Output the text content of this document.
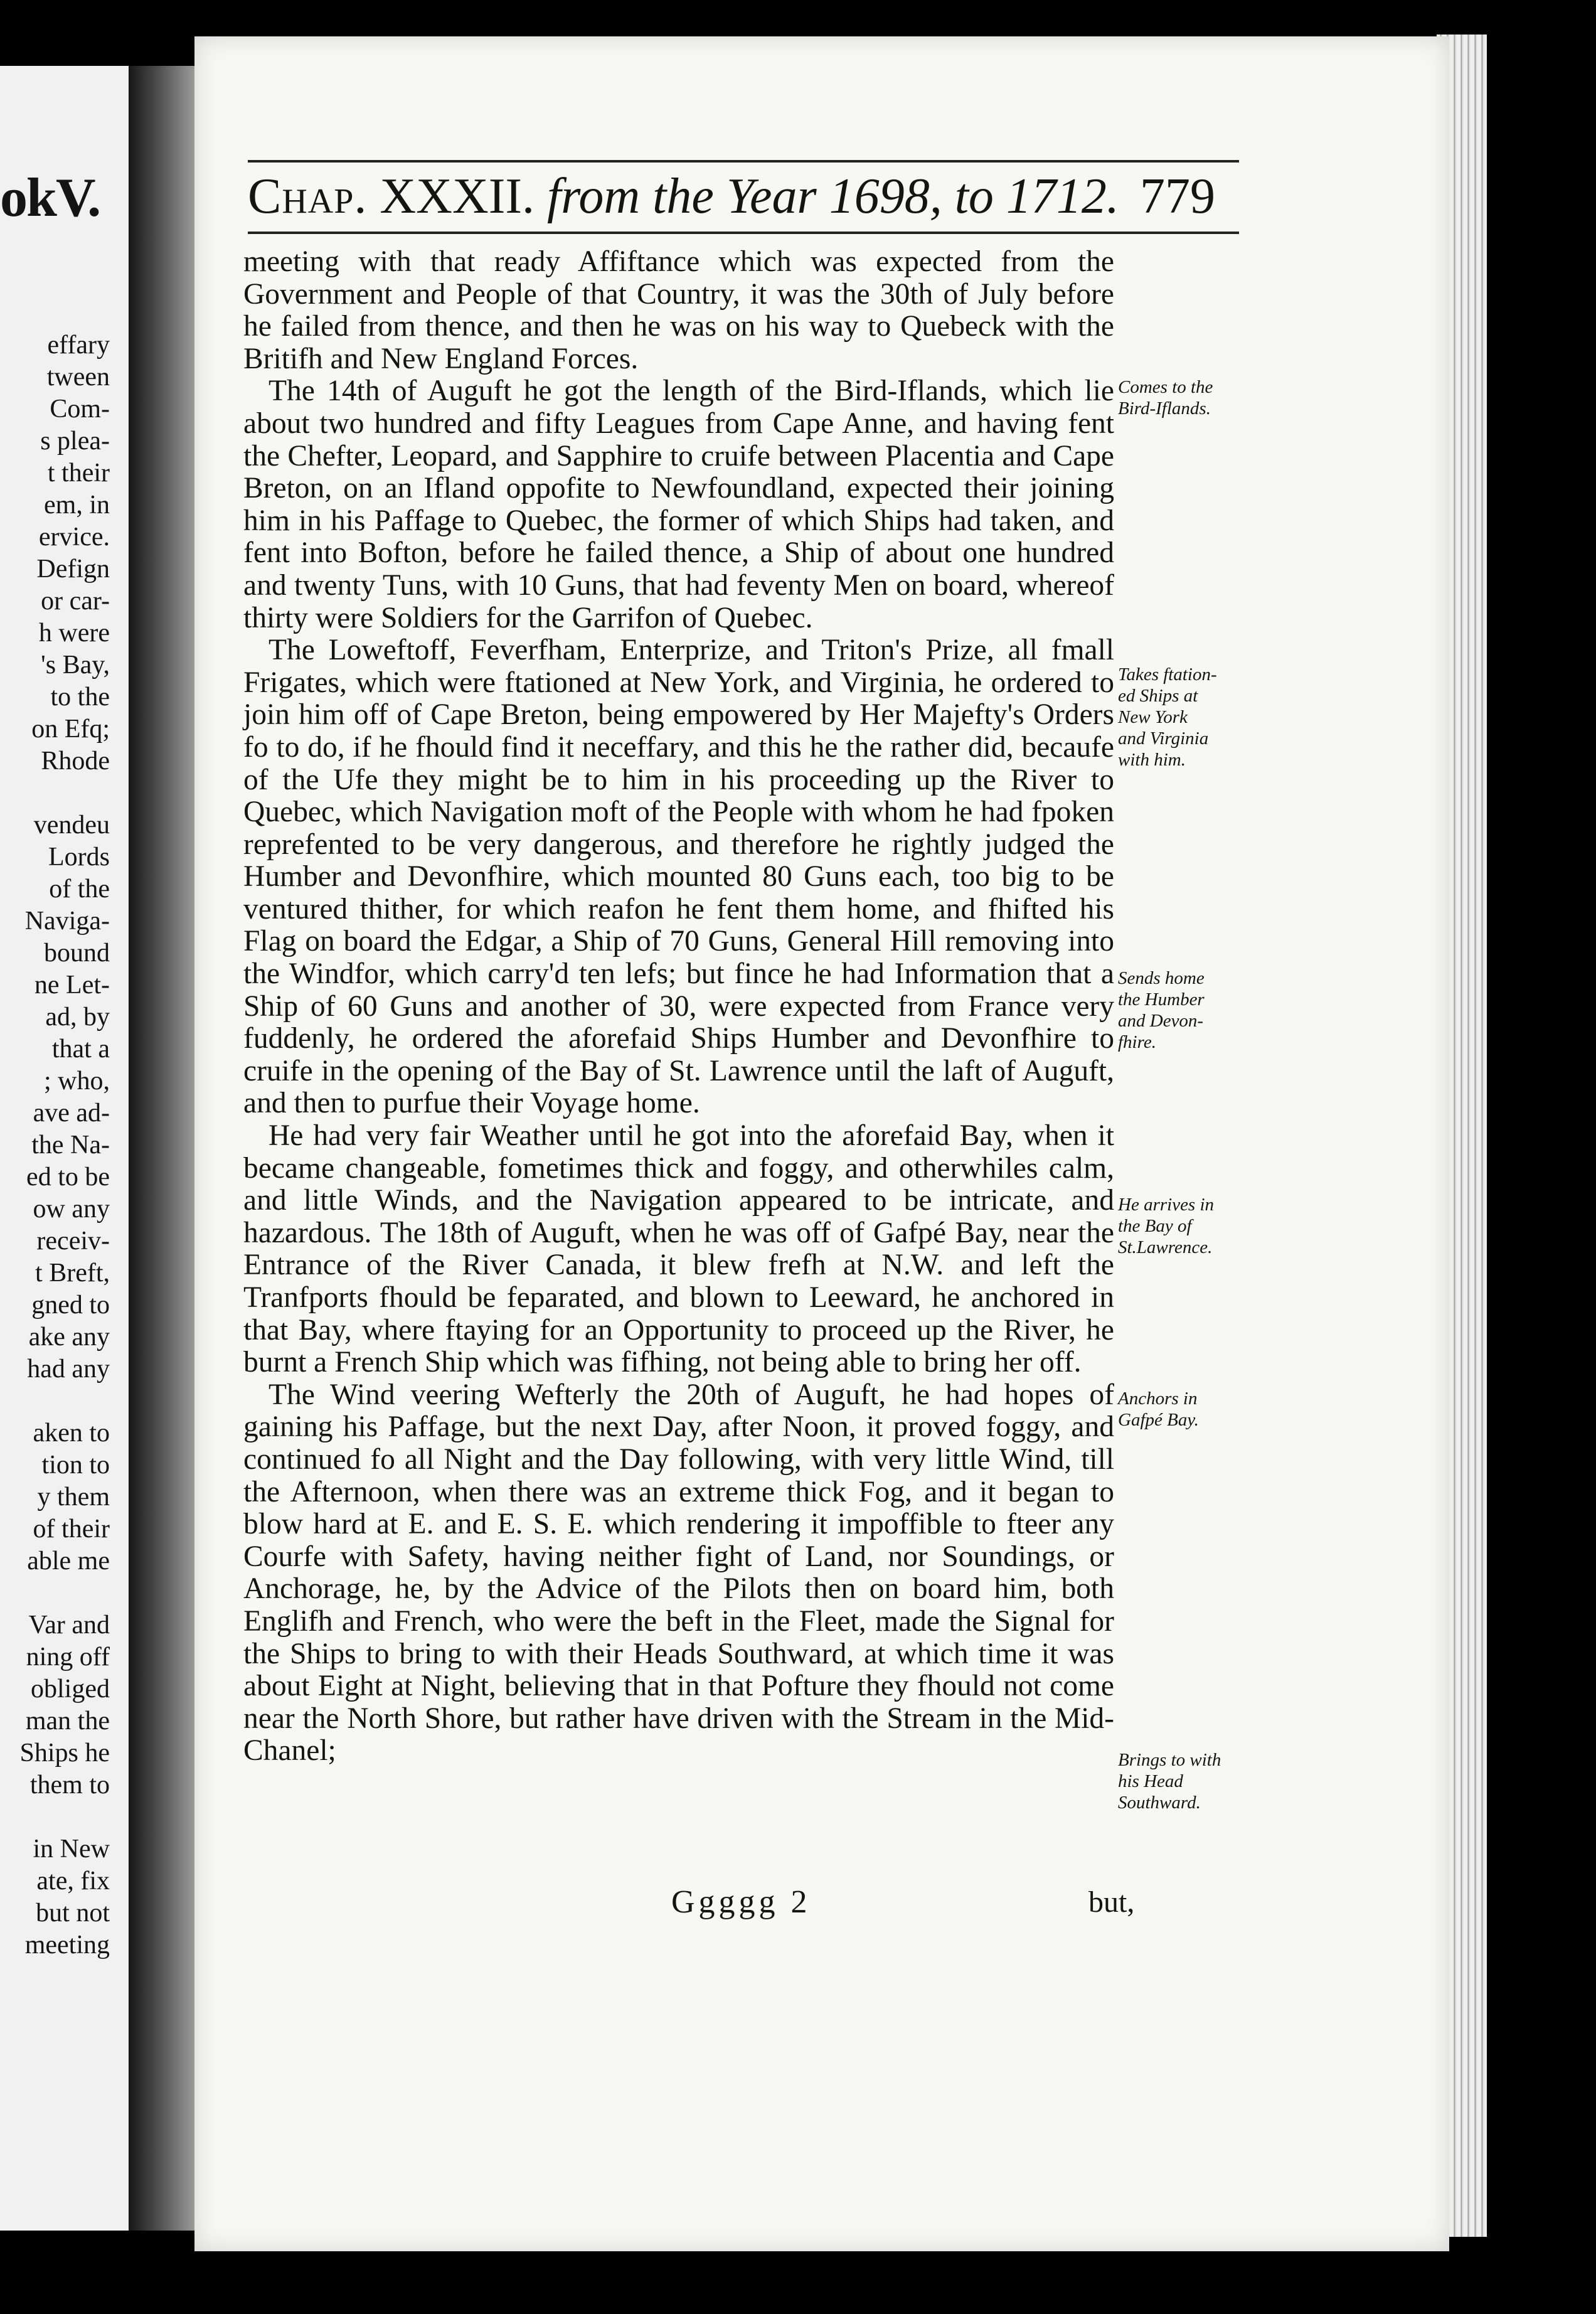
okV.
effary
tween
Com-
s plea-
t their
em, in
ervice.
Defign
or car-
h were
's Bay,
to the
on Efq;
Rhode

vendeu
Lords
of the
Naviga-
bound
ne Let-
ad, by
that a
; who,
ave ad-
the Na-
ed to be
ow any
receiv-
t Breft,
gned to
ake any
had any

aken to
tion to
y them
of their
able me

Var and
ning off
obliged
man the
Ships he
them to

in New
ate, fix
but not
meeting
Chap. XXXII. from the Year 1698, to 1712. 779

meeting with that ready Affiftance which was expected from the Government and People of that Country, it was the 30th of July before he failed from thence, and then he was on his way to Quebeck with the Britifh and New England Forces.

The 14th of Auguft he got the length of the Bird-Iflands, which lie about two hundred and fifty Leagues from Cape Anne, and having fent the Chefter, Leopard, and Sapphire to cruife between Placentia and Cape Breton, on an Ifland oppofite to Newfoundland, expected their joining him in his Paffage to Quebec, the former of which Ships had taken, and fent into Bofton, before he failed thence, a Ship of about one hundred and twenty Tuns, with 10 Guns, that had feventy Men on board, whereof thirty were Soldiers for the Garrifon of Quebec.

The Loweftoff, Feverfham, Enterprize, and Triton's Prize, all fmall Frigates, which were ftationed at New York, and Virginia, he ordered to join him off of Cape Breton, being empowered by Her Majefty's Orders fo to do, if he fhould find it neceffary, and this he the rather did, becaufe of the Ufe they might be to him in his proceeding up the River to Quebec, which Navigation moft of the People with whom he had fpoken reprefented to be very dangerous, and therefore he rightly judged the Humber and Devonfhire, which mounted 80 Guns each, too big to be ventured thither, for which reafon he fent them home, and fhifted his Flag on board the Edgar, a Ship of 70 Guns, General Hill removing into the Windfor, which carry'd ten lefs; but fince he had Information that a Ship of 60 Guns and another of 30, were expected from France very fuddenly, he ordered the aforefaid Ships Humber and Devonfhire to cruife in the opening of the Bay of St. Lawrence until the laft of Auguft, and then to purfue their Voyage home.

He had very fair Weather until he got into the aforefaid Bay, when it became changeable, fometimes thick and foggy, and otherwhiles calm, and little Winds, and the Navigation appeared to be intricate, and hazardous. The 18th of Auguft, when he was off of Gafpé Bay, near the Entrance of the River Canada, it blew frefh at N.W. and left the Tranfports fhould be feparated, and blown to Leeward, he anchored in that Bay, where ftaying for an Opportunity to proceed up the River, he burnt a French Ship which was fifhing, not being able to bring her off.

The Wind veering Wefterly the 20th of Auguft, he had hopes of gaining his Paffage, but the next Day, after Noon, it proved foggy, and continued fo all Night and the Day following, with very little Wind, till the Afternoon, when there was an extreme thick Fog, and it began to blow hard at E. and E. S. E. which rendering it impoffible to fteer any Courfe with Safety, having neither fight of Land, nor Soundings, or Anchorage, he, by the Advice of the Pilots then on board him, both Englifh and French, who were the beft in the Fleet, made the Signal for the Ships to bring to with their Heads Southward, at which time it was about Eight at Night, believing that in that Pofture they fhould not come near the North Shore, but rather have driven with the Stream in the Mid-Chanel;

Ggggg 2	but,
Comes to the
Bird-Iflands.
Takes ftation-
ed Ships at
New York
and Virginia
with him.
Sends home
the Humber
and Devon-
fhire.
He arrives in
the Bay of
St.Lawrence.
Anchors in
Gafpé Bay.
Brings to with
his Head
Southward.
